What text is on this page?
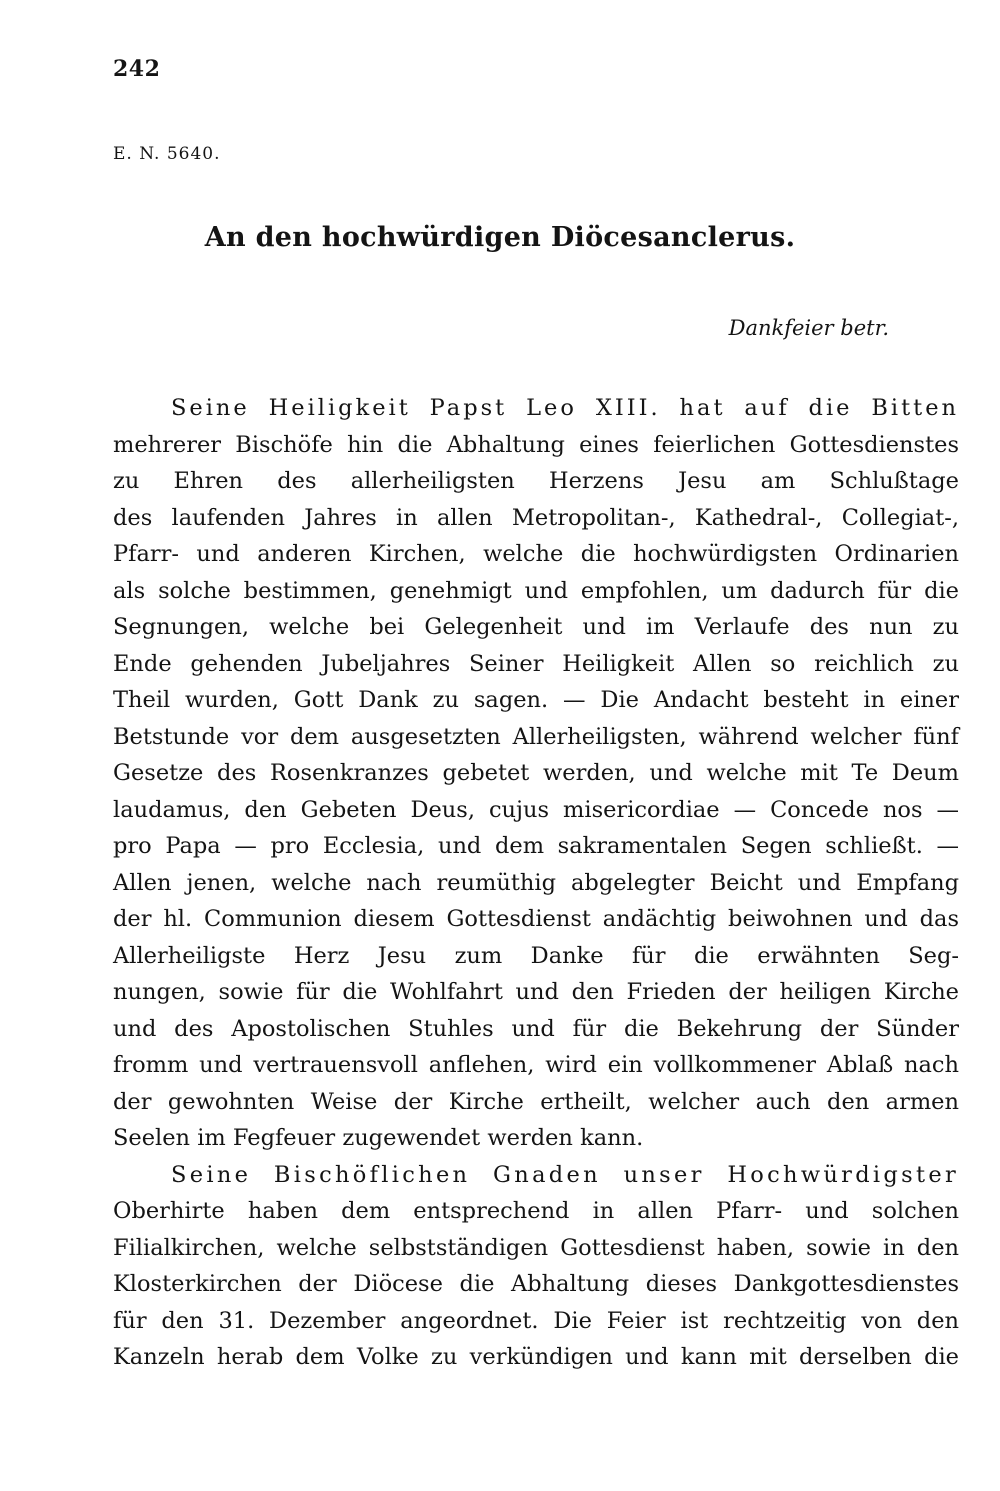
242
E. N. 5640.
An den hochwürdigen Diöcesanclerus.
Dankfeier betr.
Seine Heiligkeit Papst Leo XIII. hat auf die Bitten
mehrerer Bischöfe hin die Abhaltung eines feierlichen Gottesdienstes
zu Ehren des allerheiligsten Herzens Jesu am Schlußtage
des laufenden Jahres in allen Metropolitan-, Kathedral-, Collegiat-,
Pfarr- und anderen Kirchen, welche die hochwürdigsten Ordinarien
als solche bestimmen, genehmigt und empfohlen, um dadurch für die
Segnungen, welche bei Gelegenheit und im Verlaufe des nun zu
Ende gehenden Jubeljahres Seiner Heiligkeit Allen so reichlich zu
Theil wurden, Gott Dank zu sagen. — Die Andacht besteht in einer
Betstunde vor dem ausgesetzten Allerheiligsten, während welcher fünf
Gesetze des Rosenkranzes gebetet werden, und welche mit Te Deum
laudamus, den Gebeten Deus, cujus misericordiae — Concede nos —
pro Papa — pro Ecclesia, und dem sakramentalen Segen schließt. —
Allen jenen, welche nach reumüthig abgelegter Beicht und Empfang
der hl. Communion diesem Gottesdienst andächtig beiwohnen und das
Allerheiligste Herz Jesu zum Danke für die erwähnten Seg-
nungen, sowie für die Wohlfahrt und den Frieden der heiligen Kirche
und des Apostolischen Stuhles und für die Bekehrung der Sünder
fromm und vertrauensvoll anflehen, wird ein vollkommener Ablaß nach
der gewohnten Weise der Kirche ertheilt, welcher auch den armen
Seelen im Fegfeuer zugewendet werden kann.
Seine Bischöflichen Gnaden unser Hochwürdigster
Oberhirte haben dem entsprechend in allen Pfarr- und solchen
Filialkirchen, welche selbstständigen Gottesdienst haben, sowie in den
Klosterkirchen der Diöcese die Abhaltung dieses Dankgottesdienstes
für den 31. Dezember angeordnet. Die Feier ist rechtzeitig von den
Kanzeln herab dem Volke zu verkündigen und kann mit derselben die
